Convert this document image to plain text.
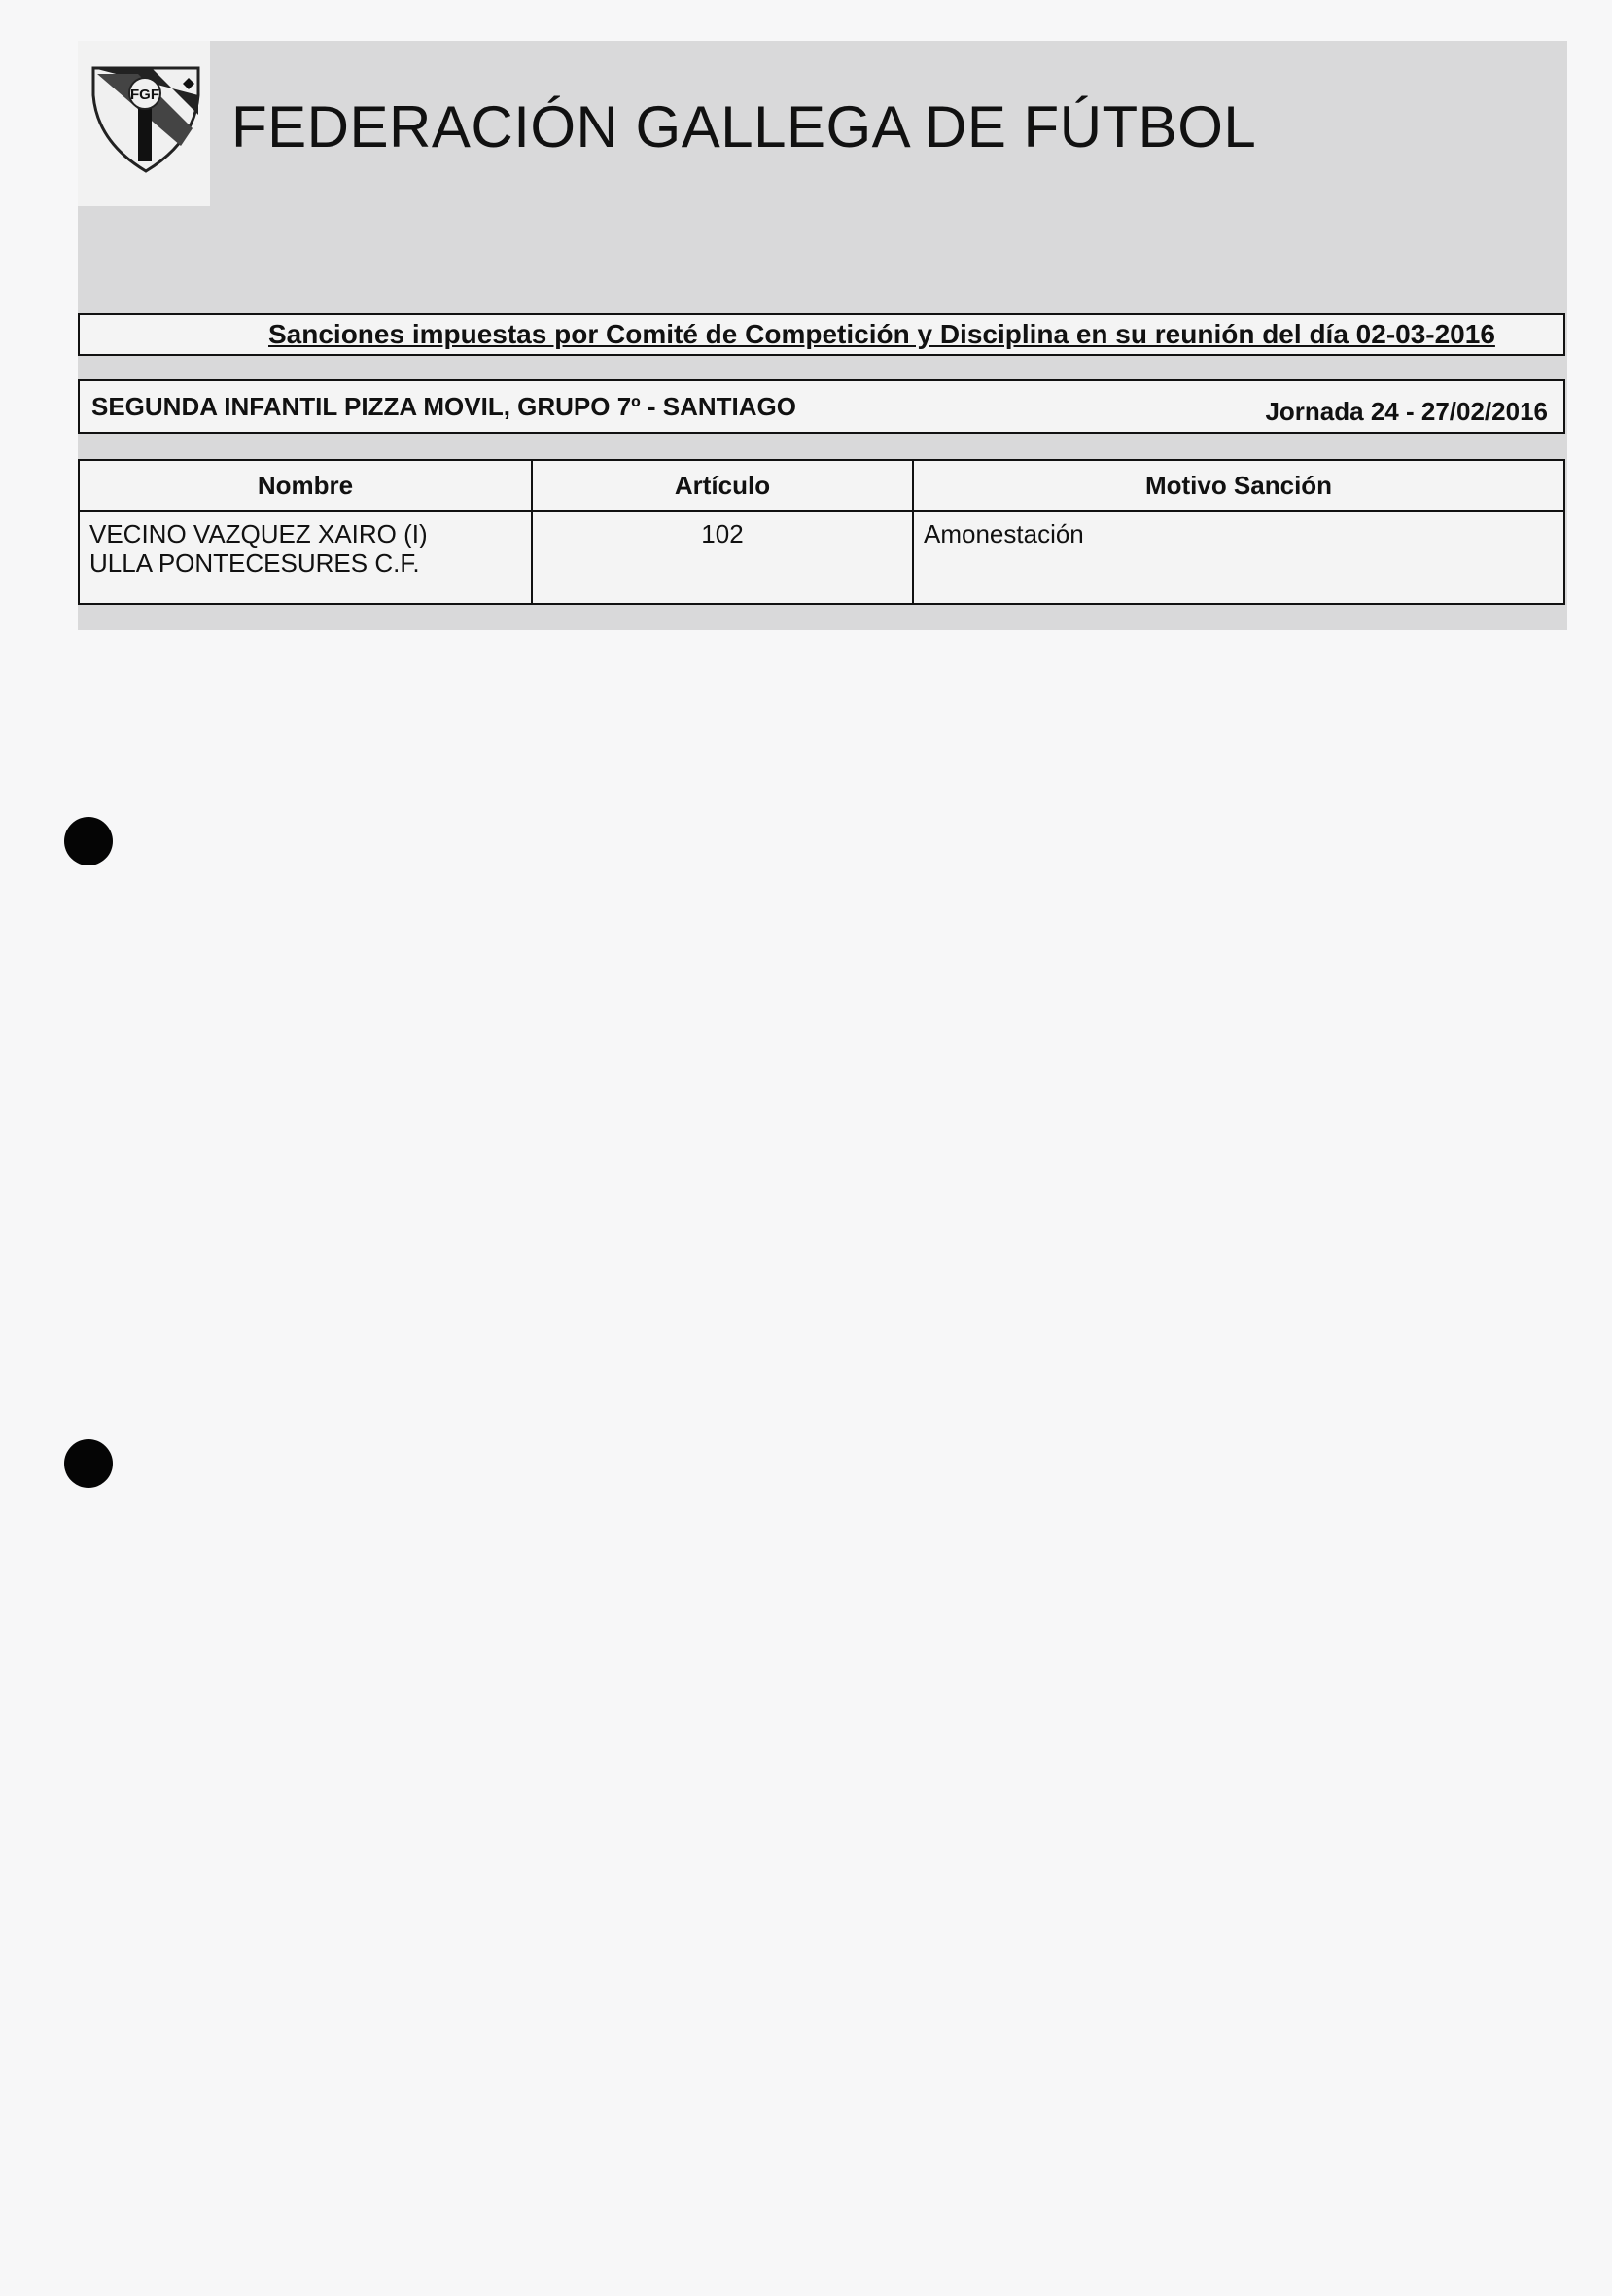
FGF FEDERACIÓN GALLEGA DE FÚTBOL
Sanciones impuestas por Comité de Competición y Disciplina en su reunión del día 02-03-2016
SEGUNDA INFANTIL PIZZA MOVIL, GRUPO 7º - SANTIAGO	Jornada 24 - 27/02/2016
Nombre	Artículo	Motivo Sanción

VECINO VAZQUEZ XAIRO (I)
ULLA PONTECESURES C.F.	102	Amonestación
